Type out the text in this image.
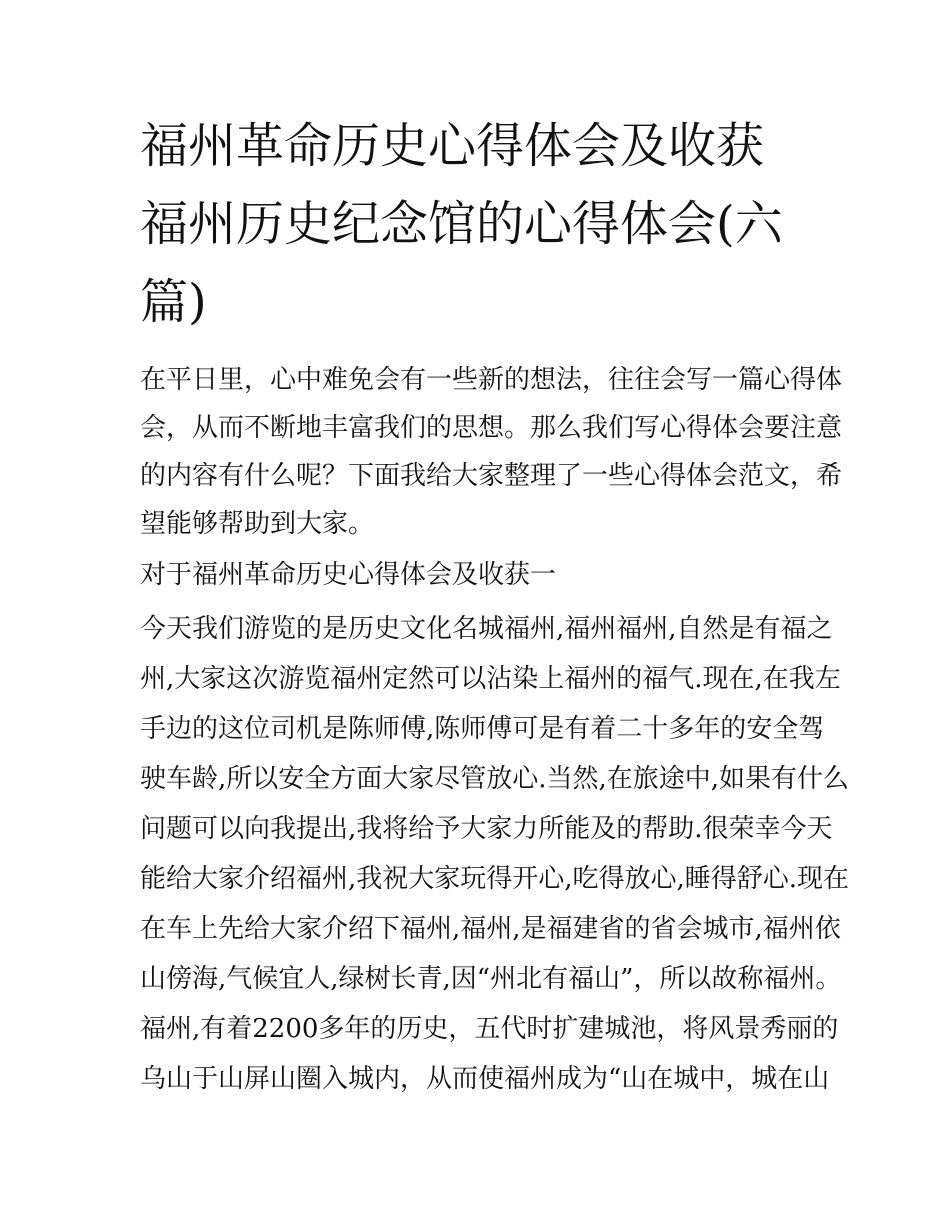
福州革命历史心得体会及收获
福州历史纪念馆的心得体会(六
篇)

在平日里，心中难免会有一些新的想法，往往会写一篇心得体

会，从而不断地丰富我们的思想。那么我们写心得体会要注意

的内容有什么呢？下面我给大家整理了一些心得体会范文，希

望能够帮助到大家。

对于福州革命历史心得体会及收获一

今天我们游览的是历史文化名城福州,福州福州,自然是有福之

州,大家这次游览福州定然可以沾染上福州的福气.现在,在我左

手边的这位司机是陈师傅,陈师傅可是有着二十多年的安全驾

驶车龄,所以安全方面大家尽管放心.当然,在旅途中,如果有什么

问题可以向我提出,我将给予大家力所能及的帮助.很荣幸今天

能给大家介绍福州,我祝大家玩得开心,吃得放心,睡得舒心.现在

在车上先给大家介绍下福州,福州,是福建省的省会城市,福州依

山傍海,气候宜人,绿树长青,因“州北有福山”，所以故称福州。

福州,有着2200多年的历史，五代时扩建城池，将风景秀丽的

乌山于山屏山圈入城内，从而使福州成为“山在城中，城在山
